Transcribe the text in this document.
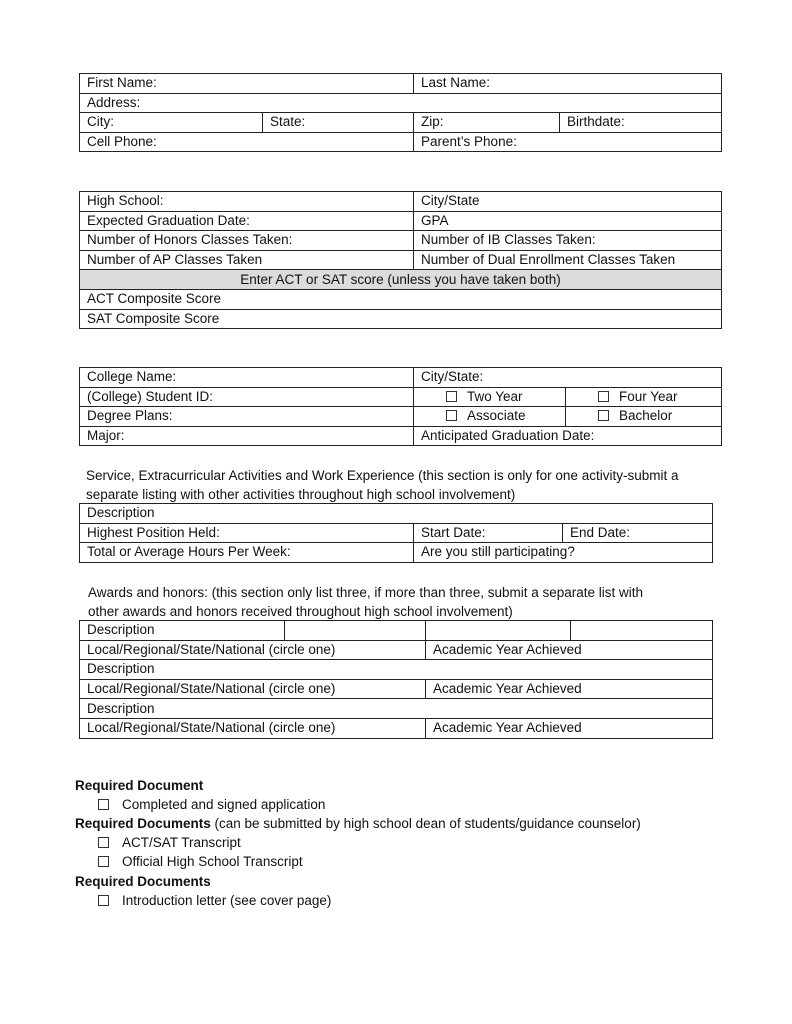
First Name:		Last Name:	
Address:			
City:	State:	Zip:	Birthdate:
Cell Phone:		Parent’s Phone:	
High School:	City/State
Expected Graduation Date:	GPA
Number of Honors Classes Taken:	Number of IB Classes Taken:
Number of AP Classes Taken	Number of Dual Enrollment Classes Taken
Enter ACT or SAT score (unless you have taken both)	
ACT Composite Score	
SAT Composite Score	
College Name:	City/State:	
(College) Student ID:	Two Year	Four Year
Degree Plans:	Associate	Bachelor
Major:	Anticipated Graduation Date:	
Service, Extracurricular Activities and Work Experience (this section is only for one activity-submit a
separate listing with other activities throughout high school involvement)
Description		
Highest Position Held:	Start Date:	End Date:
Total or Average Hours Per Week:	Are you still participating?	
Awards and honors: (this section only list three, if more than three, submit a separate list with
other awards and honors received throughout high school involvement)
Description			
Local/Regional/State/National (circle one)		Academic Year Achieved	
Description			
Local/Regional/State/National (circle one)		Academic Year Achieved	
Description			
Local/Regional/State/National (circle one)		Academic Year Achieved	
Required Document
Completed and signed application
Required Documents (can be submitted by high school dean of students/guidance counselor)
ACT/SAT Transcript
Official High School Transcript
Required Documents
Introduction letter (see cover page)
